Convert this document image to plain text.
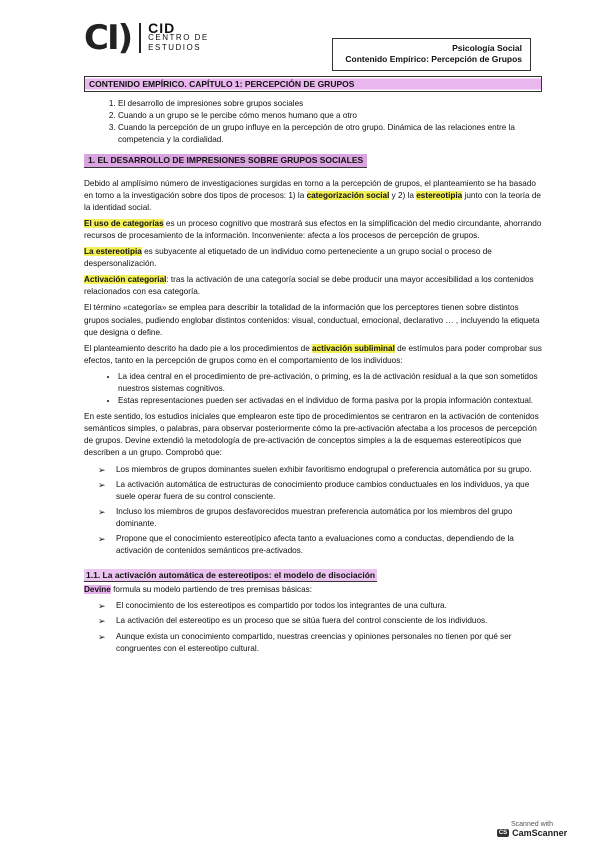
CI) CID
CENTRO DE
ESTUDIOS	Psicología Social
Contenido Empírico: Percepción de Grupos
CONTENIDO EMPÍRICO. CAPÍTULO 1: PERCEPCIÓN DE GRUPOS
1. El desarrollo de impresiones sobre grupos sociales
2. Cuando a un grupo se le percibe cómo menos humano que a otro
3. Cuando la percepción de un grupo influye en la percepción de otro grupo. Dinámica de las relaciones entre la competencia y la cordialidad.
1. EL DESARROLLO DE IMPRESIONES SOBRE GRUPOS SOCIALES

Debido al amplísimo número de investigaciones surgidas en torno a la percepción de grupos, el planteamiento se ha basado en torno a la investigación sobre dos tipos de procesos: 1) la categorización social y 2) la estereotipia junto con la teoría de la identidad social.

El uso de categorías es un proceso cognitivo que mostrará sus efectos en la simplificación del medio circundante, ahorrando recursos de procesamiento de la información. Inconveniente: afecta a los procesos de percepción de grupos.

La estereotipia es subyacente al etiquetado de un individuo como perteneciente a un grupo social o proceso de despersonalización.

Activación categorial: tras la activación de una categoría social se debe producir una mayor accesibilidad a los contenidos relacionados con esa categoría.

El término «categoría» se emplea para describir la totalidad de la información que los perceptores tienen sobre distintos grupos sociales, pudiendo englobar distintos contenidos: visual, conductual, emocional, declarativo … , incluyendo la etiqueta que designa o define.

El planteamiento descrito ha dado pie a los procedimientos de activación subliminal de estímulos para poder comprobar sus efectos, tanto en la percepción de grupos como en el comportamiento de los individuos:

• La idea central en el procedimiento de pre-activación, o priming, es la de activación residual a la que son sometidos nuestros sistemas cognitivos.
• Estas representaciones pueden ser activadas en el individuo de forma pasiva por la propia información contextual.

En este sentido, los estudios iniciales que emplearon este tipo de procedimientos se centraron en la activación de contenidos semánticos simples, o palabras, para observar posteriormente cómo la pre-activación afectaba a los procesos de percepción de grupos. Devine extendió la metodología de pre-activación de conceptos simples a la de esquemas estereotípicos que describen a un grupo. Comprobó que:

➢ Los miembros de grupos dominantes suelen exhibir favoritismo endogrupal o preferencia automática por su grupo.
➢ La activación automática de estructuras de conocimiento produce cambios conductuales en los individuos, ya que suele operar fuera de su control consciente.
➢ Incluso los miembros de grupos desfavorecidos muestran preferencia automática por los miembros del grupo dominante.
➢ Propone que el conocimiento estereotípico afecta tanto a evaluaciones como a conductas, dependiendo de la activación de contenidos semánticos pre-activados.
1.1. La activación automática de estereotipos: el modelo de disociación

Devine formula su modelo partiendo de tres premisas básicas:

➢ El conocimiento de los estereotipos es compartido por todos los integrantes de una cultura.
➢ La activación del estereotipo es un proceso que se sitúa fuera del control consciente de los individuos.
➢ Aunque exista un conocimiento compartido, nuestras creencias y opiniones personales no tienen por qué ser congruentes con el estereotipo cultural.
Scanned with
CS CamScanner
